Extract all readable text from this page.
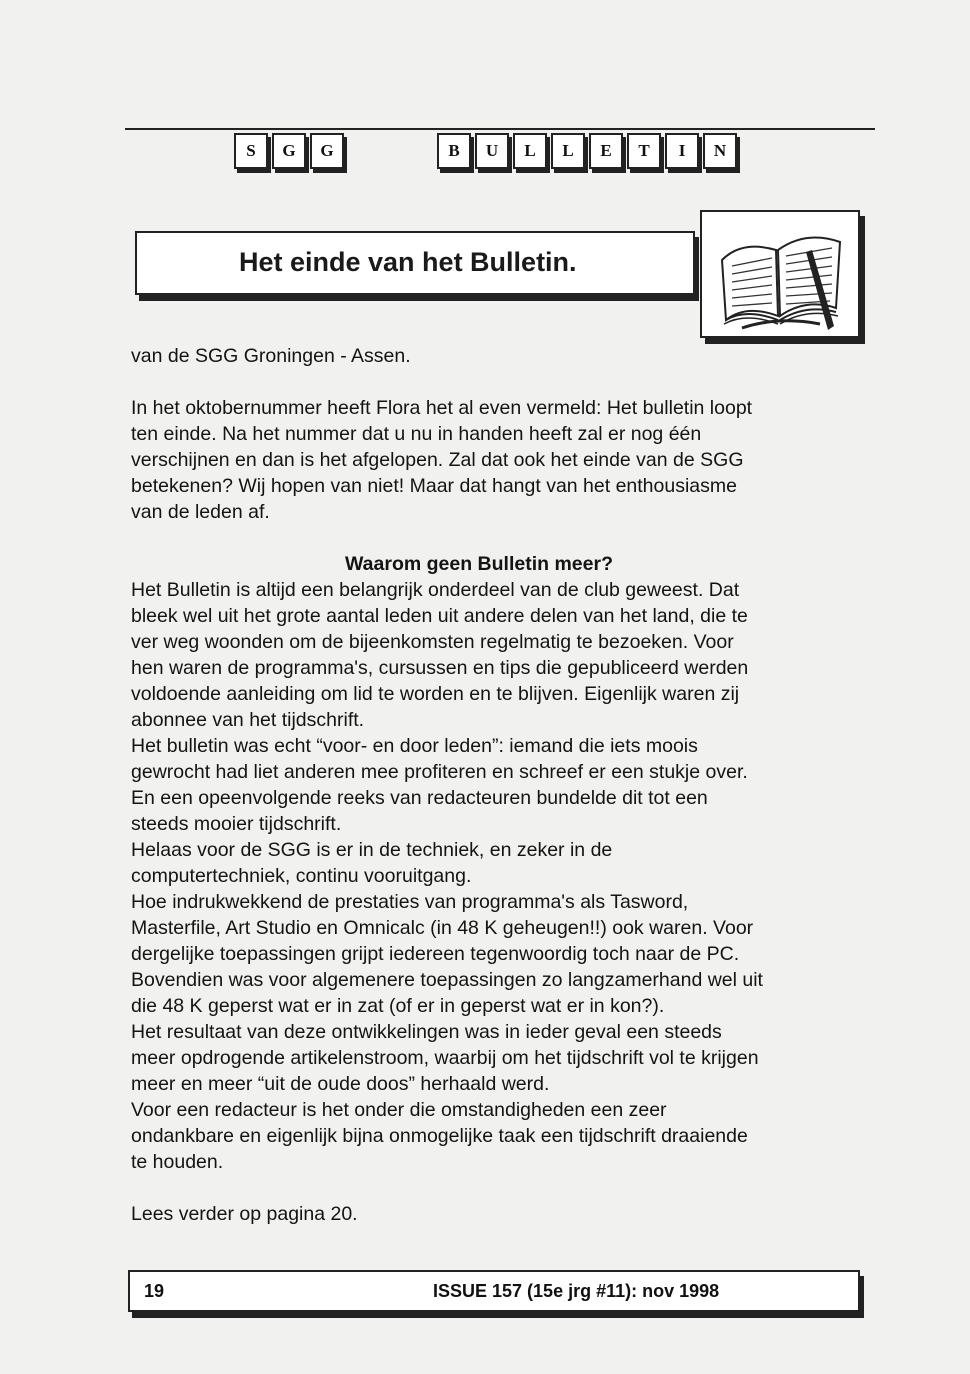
S	G	G	B	U	L	L	E	T	I	N
Het einde van het Bulletin.

van de SGG Groningen - Assen.

In het oktobernummer heeft Flora het al even vermeld: Het bulletin loopt

ten einde. Na het nummer dat u nu in handen heeft zal er nog één

verschijnen en dan is het afgelopen. Zal dat ook het einde van de SGG

betekenen? Wij hopen van niet! Maar dat hangt van het enthousiasme

van de leden af.

Waarom geen Bulletin meer?

Het Bulletin is altijd een belangrijk onderdeel van de club geweest. Dat

bleek wel uit het grote aantal leden uit andere delen van het land, die te

ver weg woonden om de bijeenkomsten regelmatig te bezoeken. Voor

hen waren de programma's, cursussen en tips die gepubliceerd werden

voldoende aanleiding om lid te worden en te blijven. Eigenlijk waren zij

abonnee van het tijdschrift.

Het bulletin was echt “voor- en door leden”: iemand die iets moois

gewrocht had liet anderen mee profiteren en schreef er een stukje over.

En een opeenvolgende reeks van redacteuren bundelde dit tot een

steeds mooier tijdschrift.

Helaas voor de SGG is er in de techniek, en zeker in de

computertechniek, continu vooruitgang.

Hoe indrukwekkend de prestaties van programma's als Tasword,

Masterfile, Art Studio en Omnicalc (in 48 K geheugen!!) ook waren. Voor

dergelijke toepassingen grijpt iedereen tegenwoordig toch naar de PC.

Bovendien was voor algemenere toepassingen zo langzamerhand wel uit

die 48 K geperst wat er in zat (of er in geperst wat er in kon?).

Het resultaat van deze ontwikkelingen was in ieder geval een steeds

meer opdrogende artikelenstroom, waarbij om het tijdschrift vol te krijgen

meer en meer “uit de oude doos” herhaald werd.

Voor een redacteur is het onder die omstandigheden een zeer

ondankbare en eigenlijk bijna onmogelijke taak een tijdschrift draaiende

te houden.

Lees verder op pagina 20.

19	ISSUE 157 (15e jrg #11): nov 1998
